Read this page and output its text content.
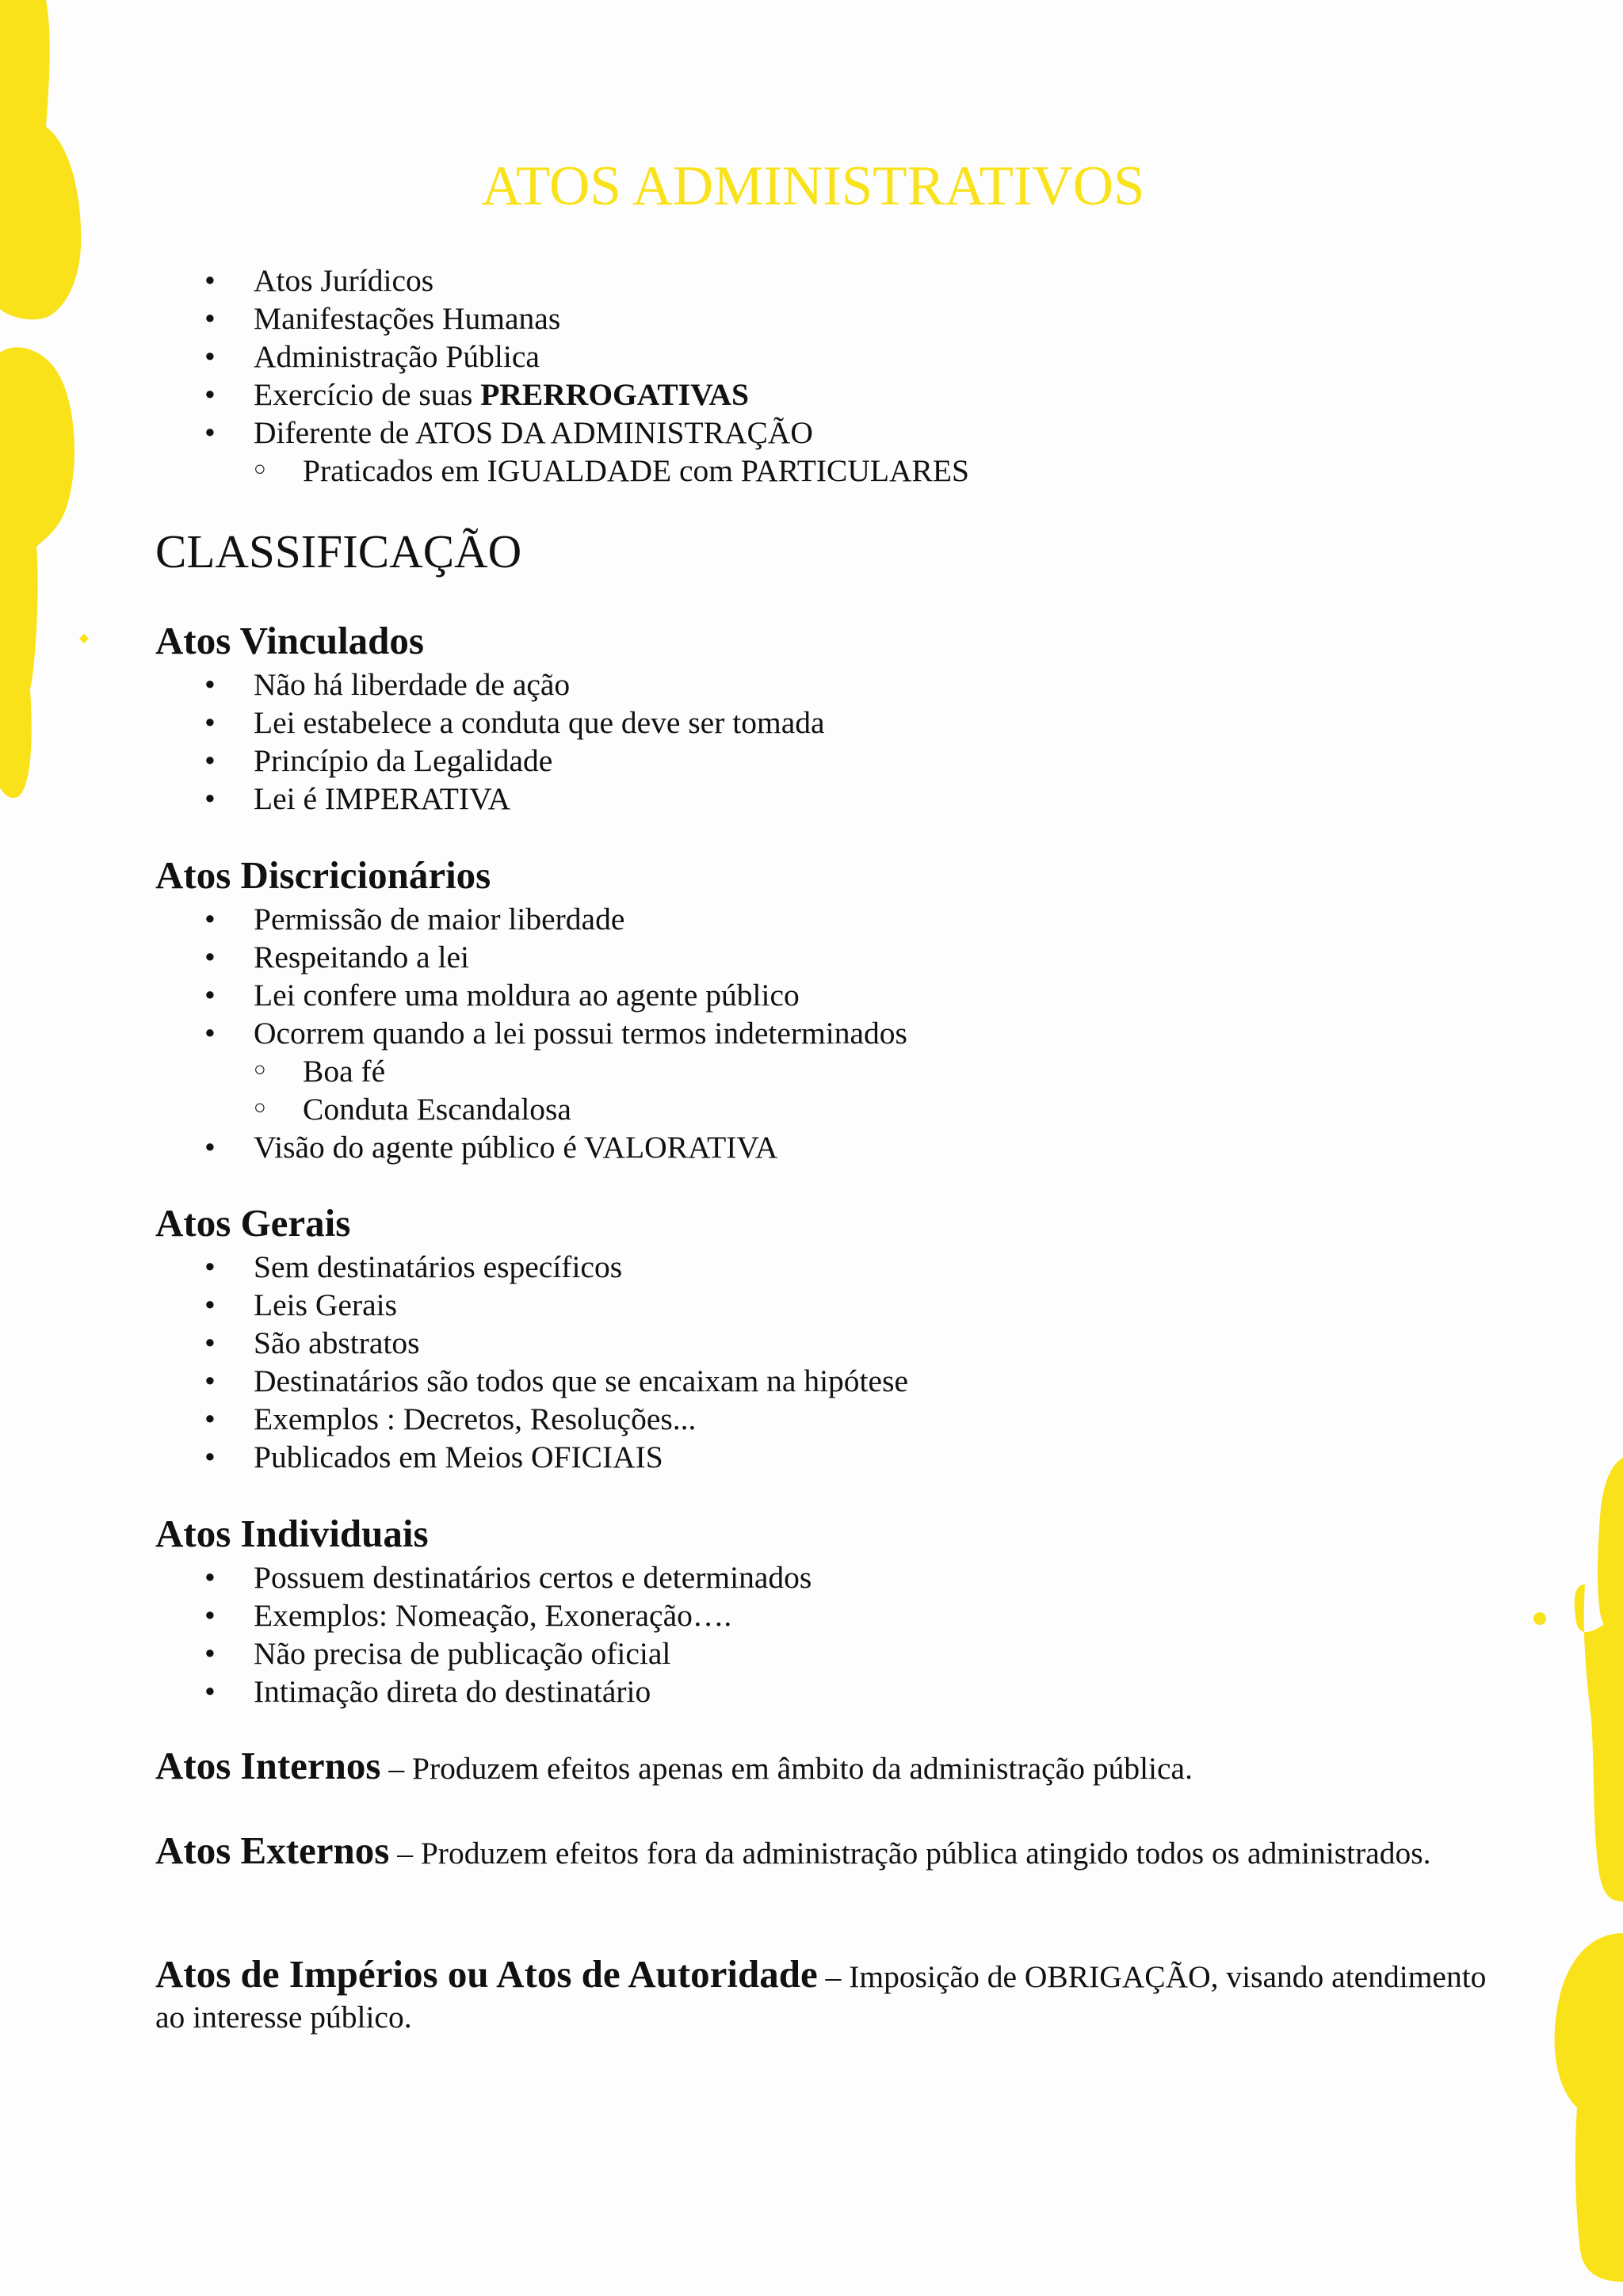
ATOS ADMINISTRATIVOS
• Atos Jurídicos
• Manifestações Humanas
• Administração Pública
• Exercício de suas PRERROGATIVAS
• Diferente de ATOS DA ADMINISTRAÇÃO
○ Praticados em IGUALDADE com PARTICULARES
CLASSIFICAÇÃO
Atos Vinculados
• Não há liberdade de ação
• Lei estabelece a conduta que deve ser tomada
• Princípio da Legalidade
• Lei é IMPERATIVA
Atos Discricionários
• Permissão de maior liberdade
• Respeitando a lei
• Lei confere uma moldura ao agente público
• Ocorrem quando a lei possui termos indeterminados
○ Boa fé
○ Conduta Escandalosa
• Visão do agente público é VALORATIVA
Atos Gerais
• Sem destinatários específicos
• Leis Gerais
• São abstratos
• Destinatários são todos que se encaixam na hipótese
• Exemplos : Decretos, Resoluções...
• Publicados em Meios OFICIAIS
Atos Individuais
• Possuem destinatários certos e determinados
• Exemplos: Nomeação, Exoneração….
• Não precisa de publicação oficial
• Intimação direta do destinatário

Atos Internos – Produzem efeitos apenas em âmbito da administração pública.

Atos Externos – Produzem efeitos fora da administração pública atingido todos os administrados.

Atos de Impérios ou Atos de Autoridade – Imposição de OBRIGAÇÃO, visando atendimento ao interesse público.
